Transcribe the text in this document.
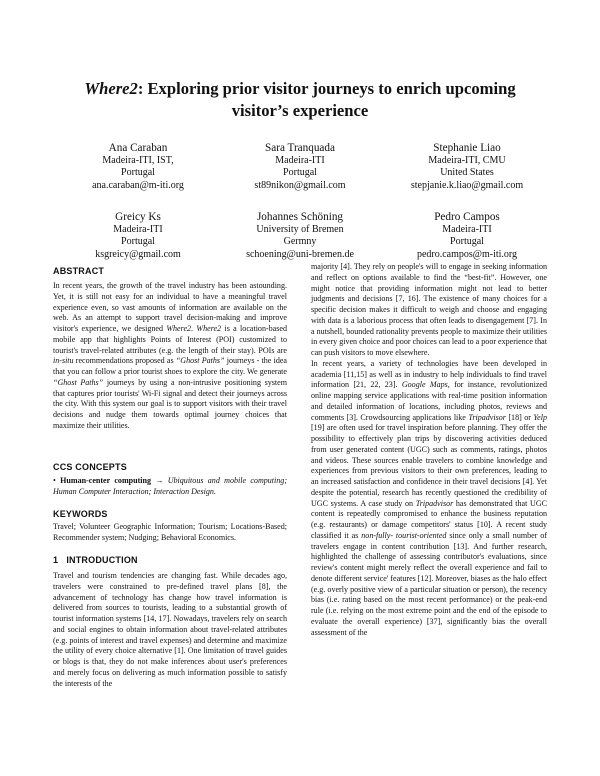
Where2: Exploring prior visitor journeys to enrich upcoming visitor’s experience
Ana Caraban
Madeira-ITI, IST,
Portugal
ana.caraban@m-iti.org
Sara Tranquada
Madeira-ITI
Portugal
st89nikon@gmail.com
Stephanie Liao
Madeira-ITI, CMU
United States
stepjanie.k.liao@gmail.com
Greicy Ks
Madeira-ITI
Portugal
ksgreicy@gmail.com
Johannes Schöning
University of Bremen
Germny
schoening@uni-bremen.de
Pedro Campos
Madeira-ITI
Portugal
pedro.campos@m-iti.org
ABSTRACT

In recent years, the growth of the travel industry has been astounding. Yet, it is still not easy for an individual to have a meaningful travel experience even, so vast amounts of information are available on the web. As an attempt to support travel decision-making and improve visitor's experience, we designed Where2. Where2 is a location-based mobile app that highlights Points of Interest (POI) customized to tourist's travel-related attributes (e.g. the length of their stay). POIs are in-situ recommendations proposed as “Ghost Paths” journeys - the idea that you can follow a prior tourist shoes to explore the city. We generate “Ghost Paths” journeys by using a non-intrusive positioning system that captures prior tourists' Wi-Fi signal and detect their journeys across the city. With this system our goal is to support visitors with their travel decisions and nudge them towards optimal journey choices that maximize their utilities.

CCS CONCEPTS

• Human-center computing → Ubiquitous and mobile computing; Human Computer Interaction; Interaction Design.

KEYWORDS
Travel; Volunteer Geographic Information; Tourism; Locations-Based; Recommender system; Nudging; Behavioral Economics.
1 INTRODUCTION
Travel and tourism tendencies are changing fast. While decades ago, travelers were constrained to pre-defined travel plans [8], the advancement of technology has change how travel information is delivered from sources to tourists, leading to a substantial growth of tourist information systems [14, 17]. Nowadays, travelers rely on search and social engines to obtain information about travel-related attributes (e.g. points of interest and travel expenses) and determine and maximize the utility of every choice alternative [1]. One limitation of travel guides or blogs is that, they do not make inferences about user's preferences and merely focus on delivering as much information possible to satisfy the interests of the

majority [4]. They rely on people's will to engage in seeking information and reflect on options available to find the “best-fit”. However, one might notice that providing information might not lead to better judgments and decisions [7, 16]. The existence of many choices for a specific decision makes it difficult to weigh and choose and engaging with data is a laborious process that often leads to disengagement [7]. In a nutshell, bounded rationality prevents people to maximize their utilities in every given choice and poor choices can lead to a poor experience that can push visitors to move elsewhere.

In recent years, a variety of technologies have been developed in academia [11,15] as well as in industry to help individuals to find travel information [21, 22, 23]. Google Maps, for instance, revolutionized online mapping service applications with real-time position information and detailed information of locations, including photos, reviews and comments [3]. Crowdsourcing applications like Tripadvisor [18] or Yelp [19] are often used for travel inspiration before planning. They offer the possibility to effectively plan trips by discovering activities deduced from user generated content (UGC) such as comments, ratings, photos and videos. These sources enable travelers to combine knowledge and experiences from previous visitors to their own preferences, leading to an increased satisfaction and confidence in their travel decisions [4]. Yet despite the potential, research has recently questioned the credibility of UGC systems. A case study on Tripadvisor has demonstrated that UGC content is repeatedly compromised to enhance the business reputation (e.g. restaurants) or damage competitors' status [10]. A recent study classified it as non-fully- tourist-oriented since only a small number of travelers engage in content contribution [13]. And further research, highlighted the challenge of assessing contributor's evaluations, since review's content might merely reflect the overall experience and fail to denote different service' features [12]. Moreover, biases as the halo effect (e.g. overly positive view of a particular situation or person), the recency bias (i.e. rating based on the most recent performance) or the peak-end rule (i.e. relying on the most extreme point and the end of the episode to evaluate the overall experience) [37], significantly bias the overall assessment of the
